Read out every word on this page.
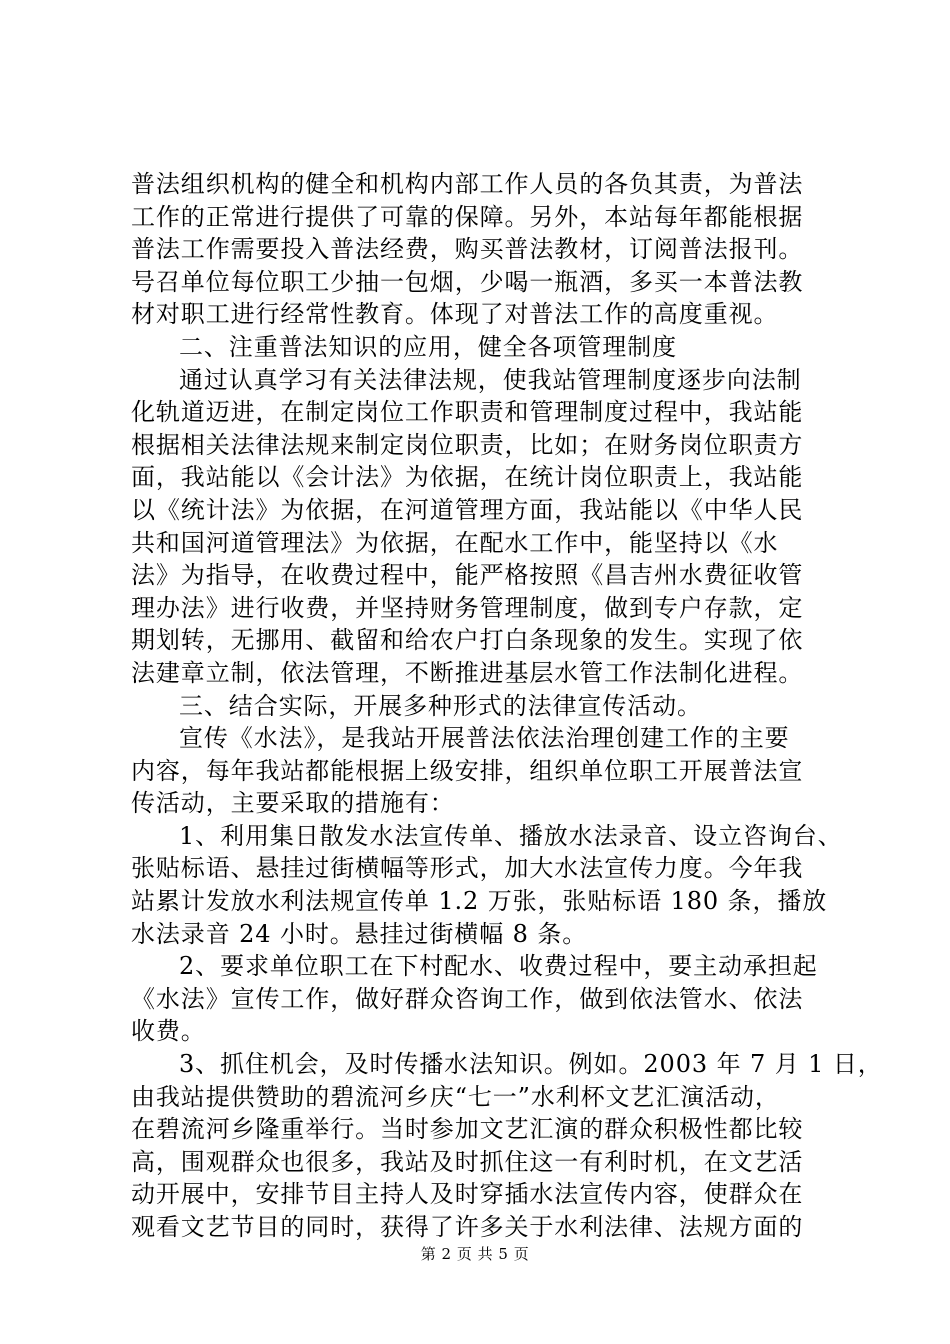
普法组织机构的健全和机构内部工作人员的各负其责，为普法
工作的正常进行提供了可靠的保障。另外，本站每年都能根据
普法工作需要投入普法经费，购买普法教材，订阅普法报刊。
号召单位每位职工少抽一包烟，少喝一瓶酒，多买一本普法教
材对职工进行经常性教育。体现了对普法工作的高度重视。
二、注重普法知识的应用，健全各项管理制度
通过认真学习有关法律法规，使我站管理制度逐步向法制
化轨道迈进，在制定岗位工作职责和管理制度过程中，我站能
根据相关法律法规来制定岗位职责，比如；在财务岗位职责方
面，我站能以《会计法》为依据，在统计岗位职责上，我站能
以《统计法》为依据，在河道管理方面，我站能以《中华人民
共和国河道管理法》为依据，在配水工作中，能坚持以《水
法》为指导，在收费过程中，能严格按照《昌吉州水费征收管
理办法》进行收费，并坚持财务管理制度，做到专户存款，定
期划转，无挪用、截留和给农户打白条现象的发生。实现了依
法建章立制，依法管理，不断推进基层水管工作法制化进程。
三、结合实际，开展多种形式的法律宣传活动。
宣传《水法》，是我站开展普法依法治理创建工作的主要
内容，每年我站都能根据上级安排，组织单位职工开展普法宣
传活动，主要采取的措施有：
1、利用集日散发水法宣传单、播放水法录音、设立咨询台、
张贴标语、悬挂过街横幅等形式，加大水法宣传力度。今年我
站累计发放水利法规宣传单 1.2 万张，张贴标语 180 条，播放
水法录音 24 小时。悬挂过街横幅 8 条。
2、要求单位职工在下村配水、收费过程中，要主动承担起
《水法》宣传工作，做好群众咨询工作，做到依法管水、依法
收费。
3、抓住机会，及时传播水法知识。例如。2003 年 7 月 1 日，
由我站提供赞助的碧流河乡庆“七一”水利杯文艺汇演活动，
在碧流河乡隆重举行。当时参加文艺汇演的群众积极性都比较
高，围观群众也很多，我站及时抓住这一有利时机，在文艺活
动开展中，安排节目主持人及时穿插水法宣传内容，使群众在
观看文艺节目的同时，获得了许多关于水利法律、法规方面的
第 2 页 共 5 页
